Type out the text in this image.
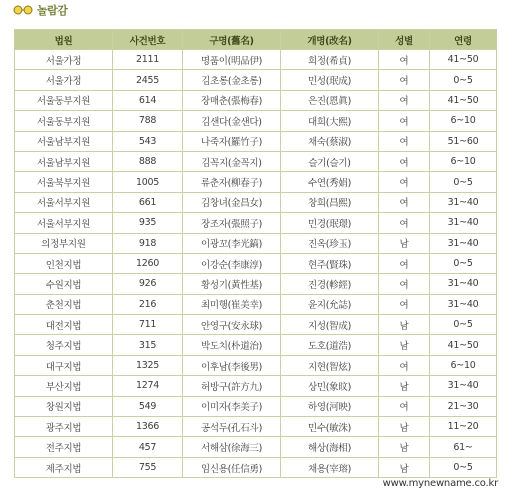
놀람감
법원	사건번호	구명(舊名)	개명(改名)	성별	연령
서울가정	2111	명품이(明品伊)	희정(希貞)	여	41~50
서울가정	2455	김초롱(金초롱)	민성(珉成)	여	0~5
서울동부지원	614	장매춘(張梅春)	은진(恩眞)	여	41~50
서울동부지원	788	김샌다(金샌다)	대희(大熙)	여	6~10
서울남부지원	543	나죽자(羅竹子)	채숙(蔡淑)	여	51~60
서울남부지원	888	김꼭지(金꼭지)	슬기(슬기)	여	6~10
서울북부지원	1005	류춘자(柳春子)	수연(秀娟)	여	0~5
서울서부지원	661	김창녀(金昌女)	창희(昌熙)	여	31~40
서울서부지원	935	장조자(張照子)	민경(珉璟)	여	31~40
의정부지원	918	이광꼬(李光鎬)	진옥(珍玉)	남	31~40
인천지법	1260	이강순(李康淳)	현주(賢珠)	여	0~5
수원지법	926	황성기(黃性基)	진경(軫經)	여	31~40
춘천지법	216	최미행(崔美幸)	윤지(允誌)	여	31~40
대전지법	711	안영구(安永球)	지성(智成)	남	0~5
청주지법	315	박도치(朴道治)	도호(道浩)	남	41~50
대구지법	1325	이후남(李後男)	지현(智炫)	여	6~10
부산지법	1274	허방구(許方九)	상민(象旼)	남	31~40
창원지법	549	이미자(李美子)	하영(河映)	여	21~30
광주지법	1366	공석두(孔石斗)	민수(敏洙)	남	11~20
전주지법	457	서해삼(徐海三)	해상(海相)	남	61~
제주지법	755	임신용(任信勇)	채용(宰瑢)	남	0~5
www.mynewname.co.kr
